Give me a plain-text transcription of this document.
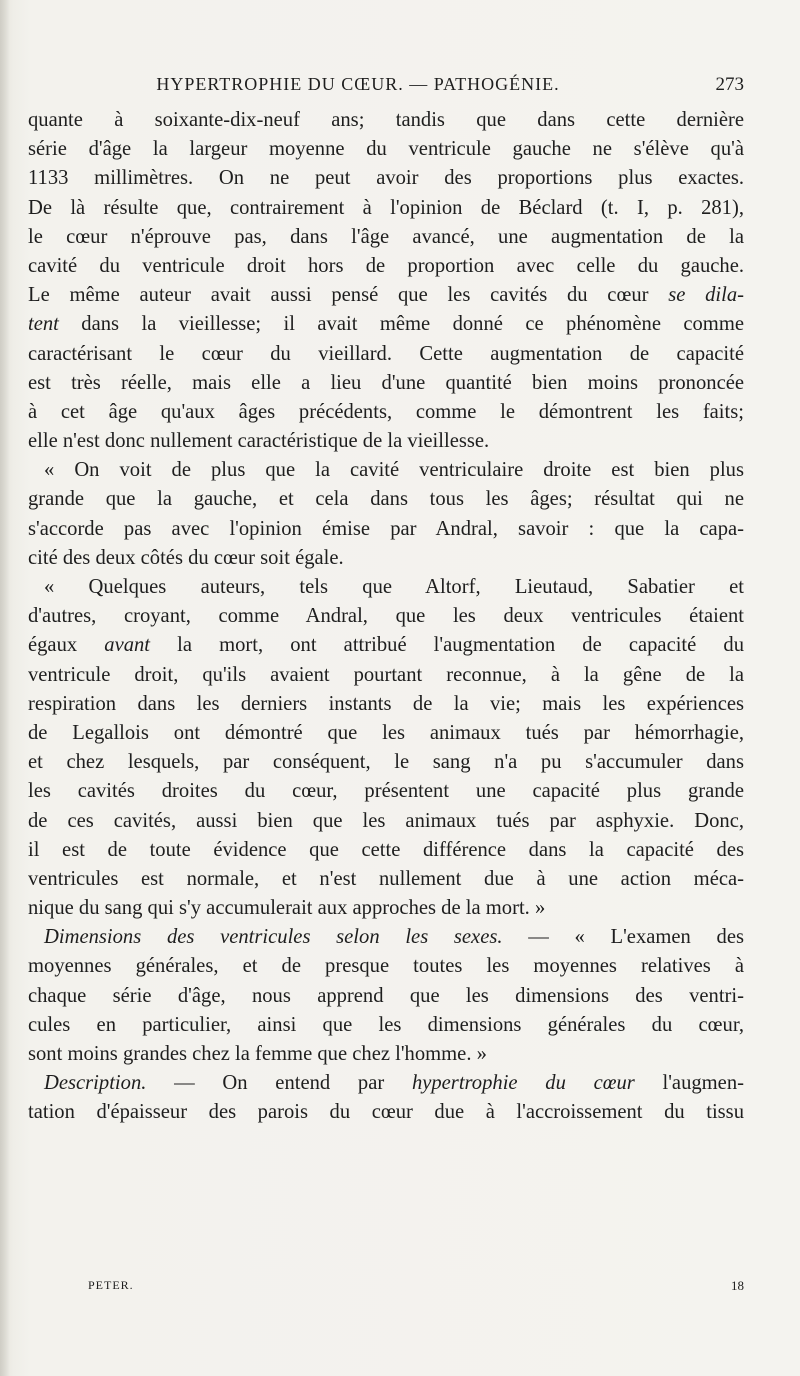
HYPERTROPHIE DU CŒUR. — PATHOGÉNIE.	273
quante à soixante-dix-neuf ans; tandis que dans cette dernière
série d'âge la largeur moyenne du ventricule gauche ne s'élève qu'à
1133 millimètres. On ne peut avoir des proportions plus exactes.
De là résulte que, contrairement à l'opinion de Béclard (t. I, p. 281),
le cœur n'éprouve pas, dans l'âge avancé, une augmentation de la
cavité du ventricule droit hors de proportion avec celle du gauche.
Le même auteur avait aussi pensé que les cavités du cœur se dila-
tent dans la vieillesse; il avait même donné ce phénomène comme
caractérisant le cœur du vieillard. Cette augmentation de capacité
est très réelle, mais elle a lieu d'une quantité bien moins prononcée
à cet âge qu'aux âges précédents, comme le démontrent les faits;
elle n'est donc nullement caractéristique de la vieillesse.
« On voit de plus que la cavité ventriculaire droite est bien plus
grande que la gauche, et cela dans tous les âges; résultat qui ne
s'accorde pas avec l'opinion émise par Andral, savoir : que la capa-
cité des deux côtés du cœur soit égale.
« Quelques auteurs, tels que Altorf, Lieutaud, Sabatier et
d'autres, croyant, comme Andral, que les deux ventricules étaient
égaux avant la mort, ont attribué l'augmentation de capacité du
ventricule droit, qu'ils avaient pourtant reconnue, à la gêne de la
respiration dans les derniers instants de la vie; mais les expériences
de Legallois ont démontré que les animaux tués par hémorrhagie,
et chez lesquels, par conséquent, le sang n'a pu s'accumuler dans
les cavités droites du cœur, présentent une capacité plus grande
de ces cavités, aussi bien que les animaux tués par asphyxie. Donc,
il est de toute évidence que cette différence dans la capacité des
ventricules est normale, et n'est nullement due à une action méca-
nique du sang qui s'y accumulerait aux approches de la mort. »
Dimensions des ventricules selon les sexes. — « L'examen des
moyennes générales, et de presque toutes les moyennes relatives à
chaque série d'âge, nous apprend que les dimensions des ventri-
cules en particulier, ainsi que les dimensions générales du cœur,
sont moins grandes chez la femme que chez l'homme. »
Description. — On entend par hypertrophie du cœur l'augmen-
tation d'épaisseur des parois du cœur due à l'accroissement du tissu
PETER.	18
